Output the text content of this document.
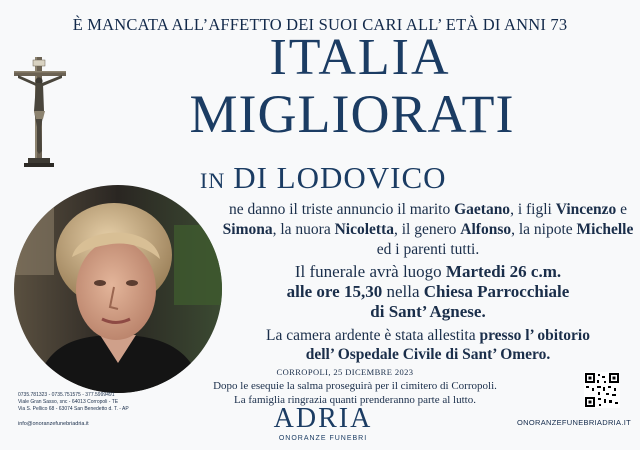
È MANCATA ALL’AFFETTO DEI SUOI CARI ALL’ ETÀ DI ANNI 73
ITALIA
MIGLIORATI
IN DI LODOVICO

ne danno il triste annuncio il marito Gaetano, i figli Vincenzo e Simona, la nuora Nicoletta, il genero Alfonso, la nipote Michelle ed i parenti tutti.

Il funerale avrà luogo Martedi 26 c.m.
alle ore 15,30 nella Chiesa Parrocchiale
di Sant’ Agnese.

La camera ardente è stata allestita presso l’ obitorio
dell’ Ospedale Civile di Sant’ Omero.

CORROPOLI, 25 DICEMBRE 2023
Dopo le esequie la salma proseguirà per il cimitero di Corropoli.
La famiglia ringrazia quanti prenderanno parte al lutto.
0735.781323 - 0735.751575 - 377.5999491
Viale Gran Sasso, snc - 64013 Corropoli - TE
Via S. Pellico 68 - 63074 San Benedetto d. T. - AP
info@onoranzefunebriadria.it	ADRIA
ONORANZE FUNEBRI
ONORANZEFUNEBRIADRIA.IT
